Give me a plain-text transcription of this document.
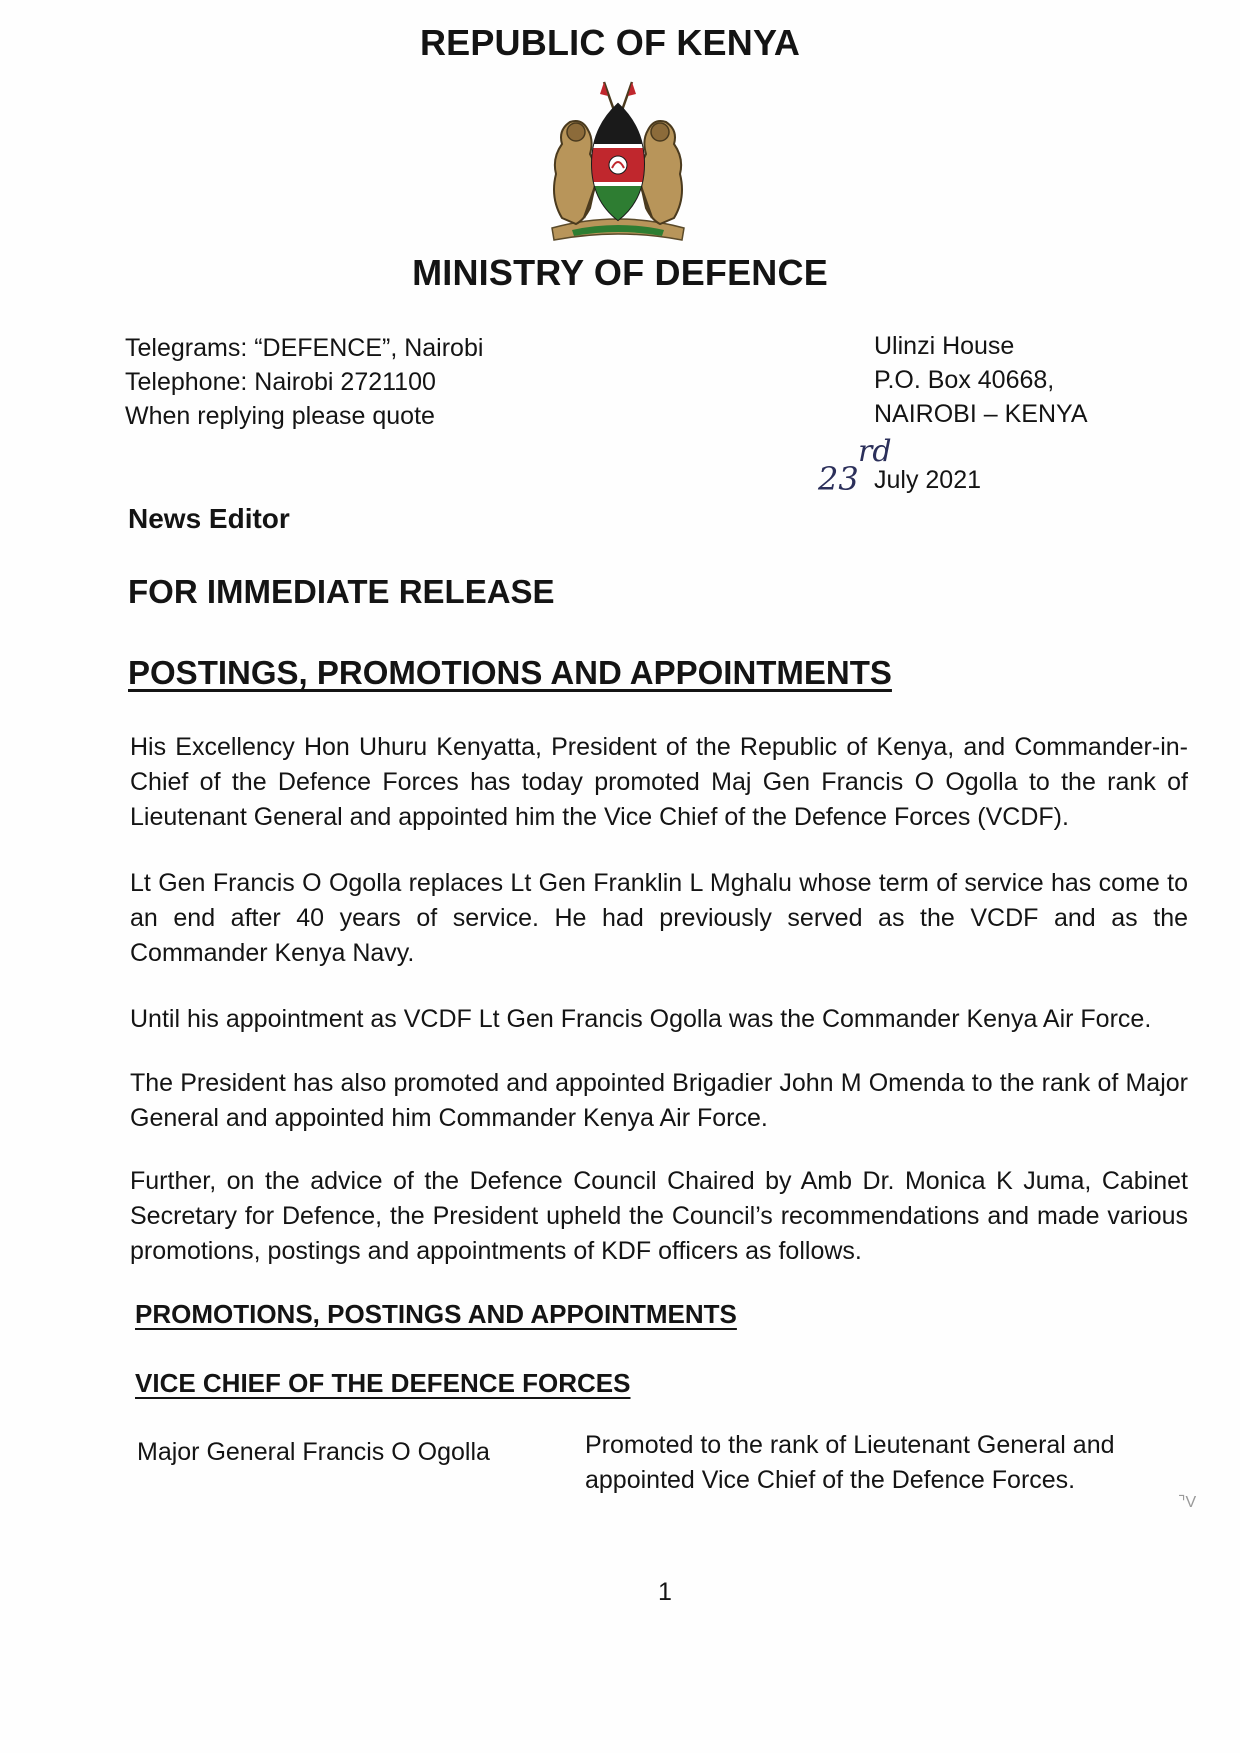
REPUBLIC OF KENYA
MINISTRY OF DEFENCE
Telegrams: “DEFENCE”, Nairobi
Telephone: Nairobi 2721100
When replying please quote
Ulinzi House
P.O. Box 40668,
NAIROBI – KENYA
23
rd
July 2021
News Editor
FOR IMMEDIATE RELEASE
POSTINGS, PROMOTIONS AND APPOINTMENTS
His Excellency Hon Uhuru Kenyatta, President of the Republic of Kenya, and Commander-in-Chief of the Defence Forces has today promoted Maj Gen Francis O Ogolla to the rank of Lieutenant General and appointed him the Vice Chief of the Defence Forces (VCDF).
Lt Gen Francis O Ogolla replaces Lt Gen Franklin L Mghalu whose term of service has come to an end after 40 years of service. He had previously served as the VCDF and as the Commander Kenya Navy.
Until his appointment as VCDF Lt Gen Francis Ogolla was the Commander Kenya Air Force.
The President has also promoted and appointed Brigadier John M Omenda to the rank of Major General and appointed him Commander Kenya Air Force.
Further, on the advice of the Defence Council Chaired by Amb Dr. Monica K Juma, Cabinet Secretary for Defence, the President upheld the Council’s recommendations and made various promotions, postings and appointments of KDF officers as follows.
PROMOTIONS, POSTINGS AND APPOINTMENTS
VICE CHIEF OF THE DEFENCE FORCES
Major General Francis O Ogolla	Promoted to the rank of Lieutenant General and appointed Vice Chief of the Defence Forces.
⌝V
1
